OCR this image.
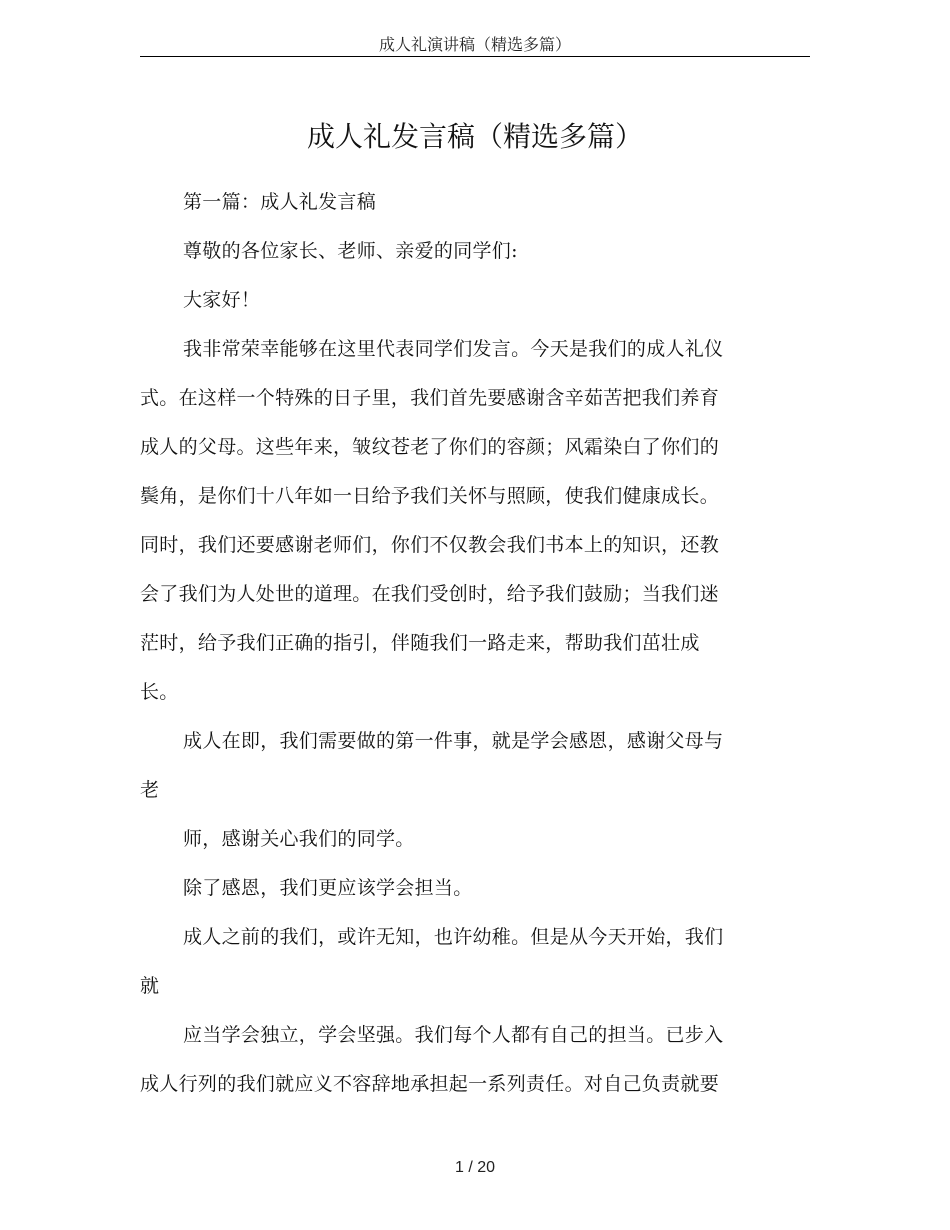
成人礼演讲稿（精选多篇）
成人礼发言稿（精选多篇）
第一篇：成人礼发言稿
尊敬的各位家长、老师、亲爱的同学们:
大家好！
我非常荣幸能够在这里代表同学们发言。今天是我们的成人礼仪
式。在这样一个特殊的日子里，我们首先要感谢含辛茹苦把我们养育
成人的父母。这些年来，皱纹苍老了你们的容颜；风霜染白了你们的
鬓角，是你们十八年如一日给予我们关怀与照顾，使我们健康成长。
同时，我们还要感谢老师们，你们不仅教会我们书本上的知识，还教
会了我们为人处世的道理。在我们受创时，给予我们鼓励；当我们迷
茫时，给予我们正确的指引，伴随我们一路走来，帮助我们茁壮成
长。
成人在即，我们需要做的第一件事，就是学会感恩，感谢父母与
老
师，感谢关心我们的同学。
除了感恩，我们更应该学会担当。
成人之前的我们，或许无知，也许幼稚。但是从今天开始，我们
就
应当学会独立，学会坚强。我们每个人都有自己的担当。已步入
成人行列的我们就应义不容辞地承担起一系列责任。对自己负责就要
1 / 20
